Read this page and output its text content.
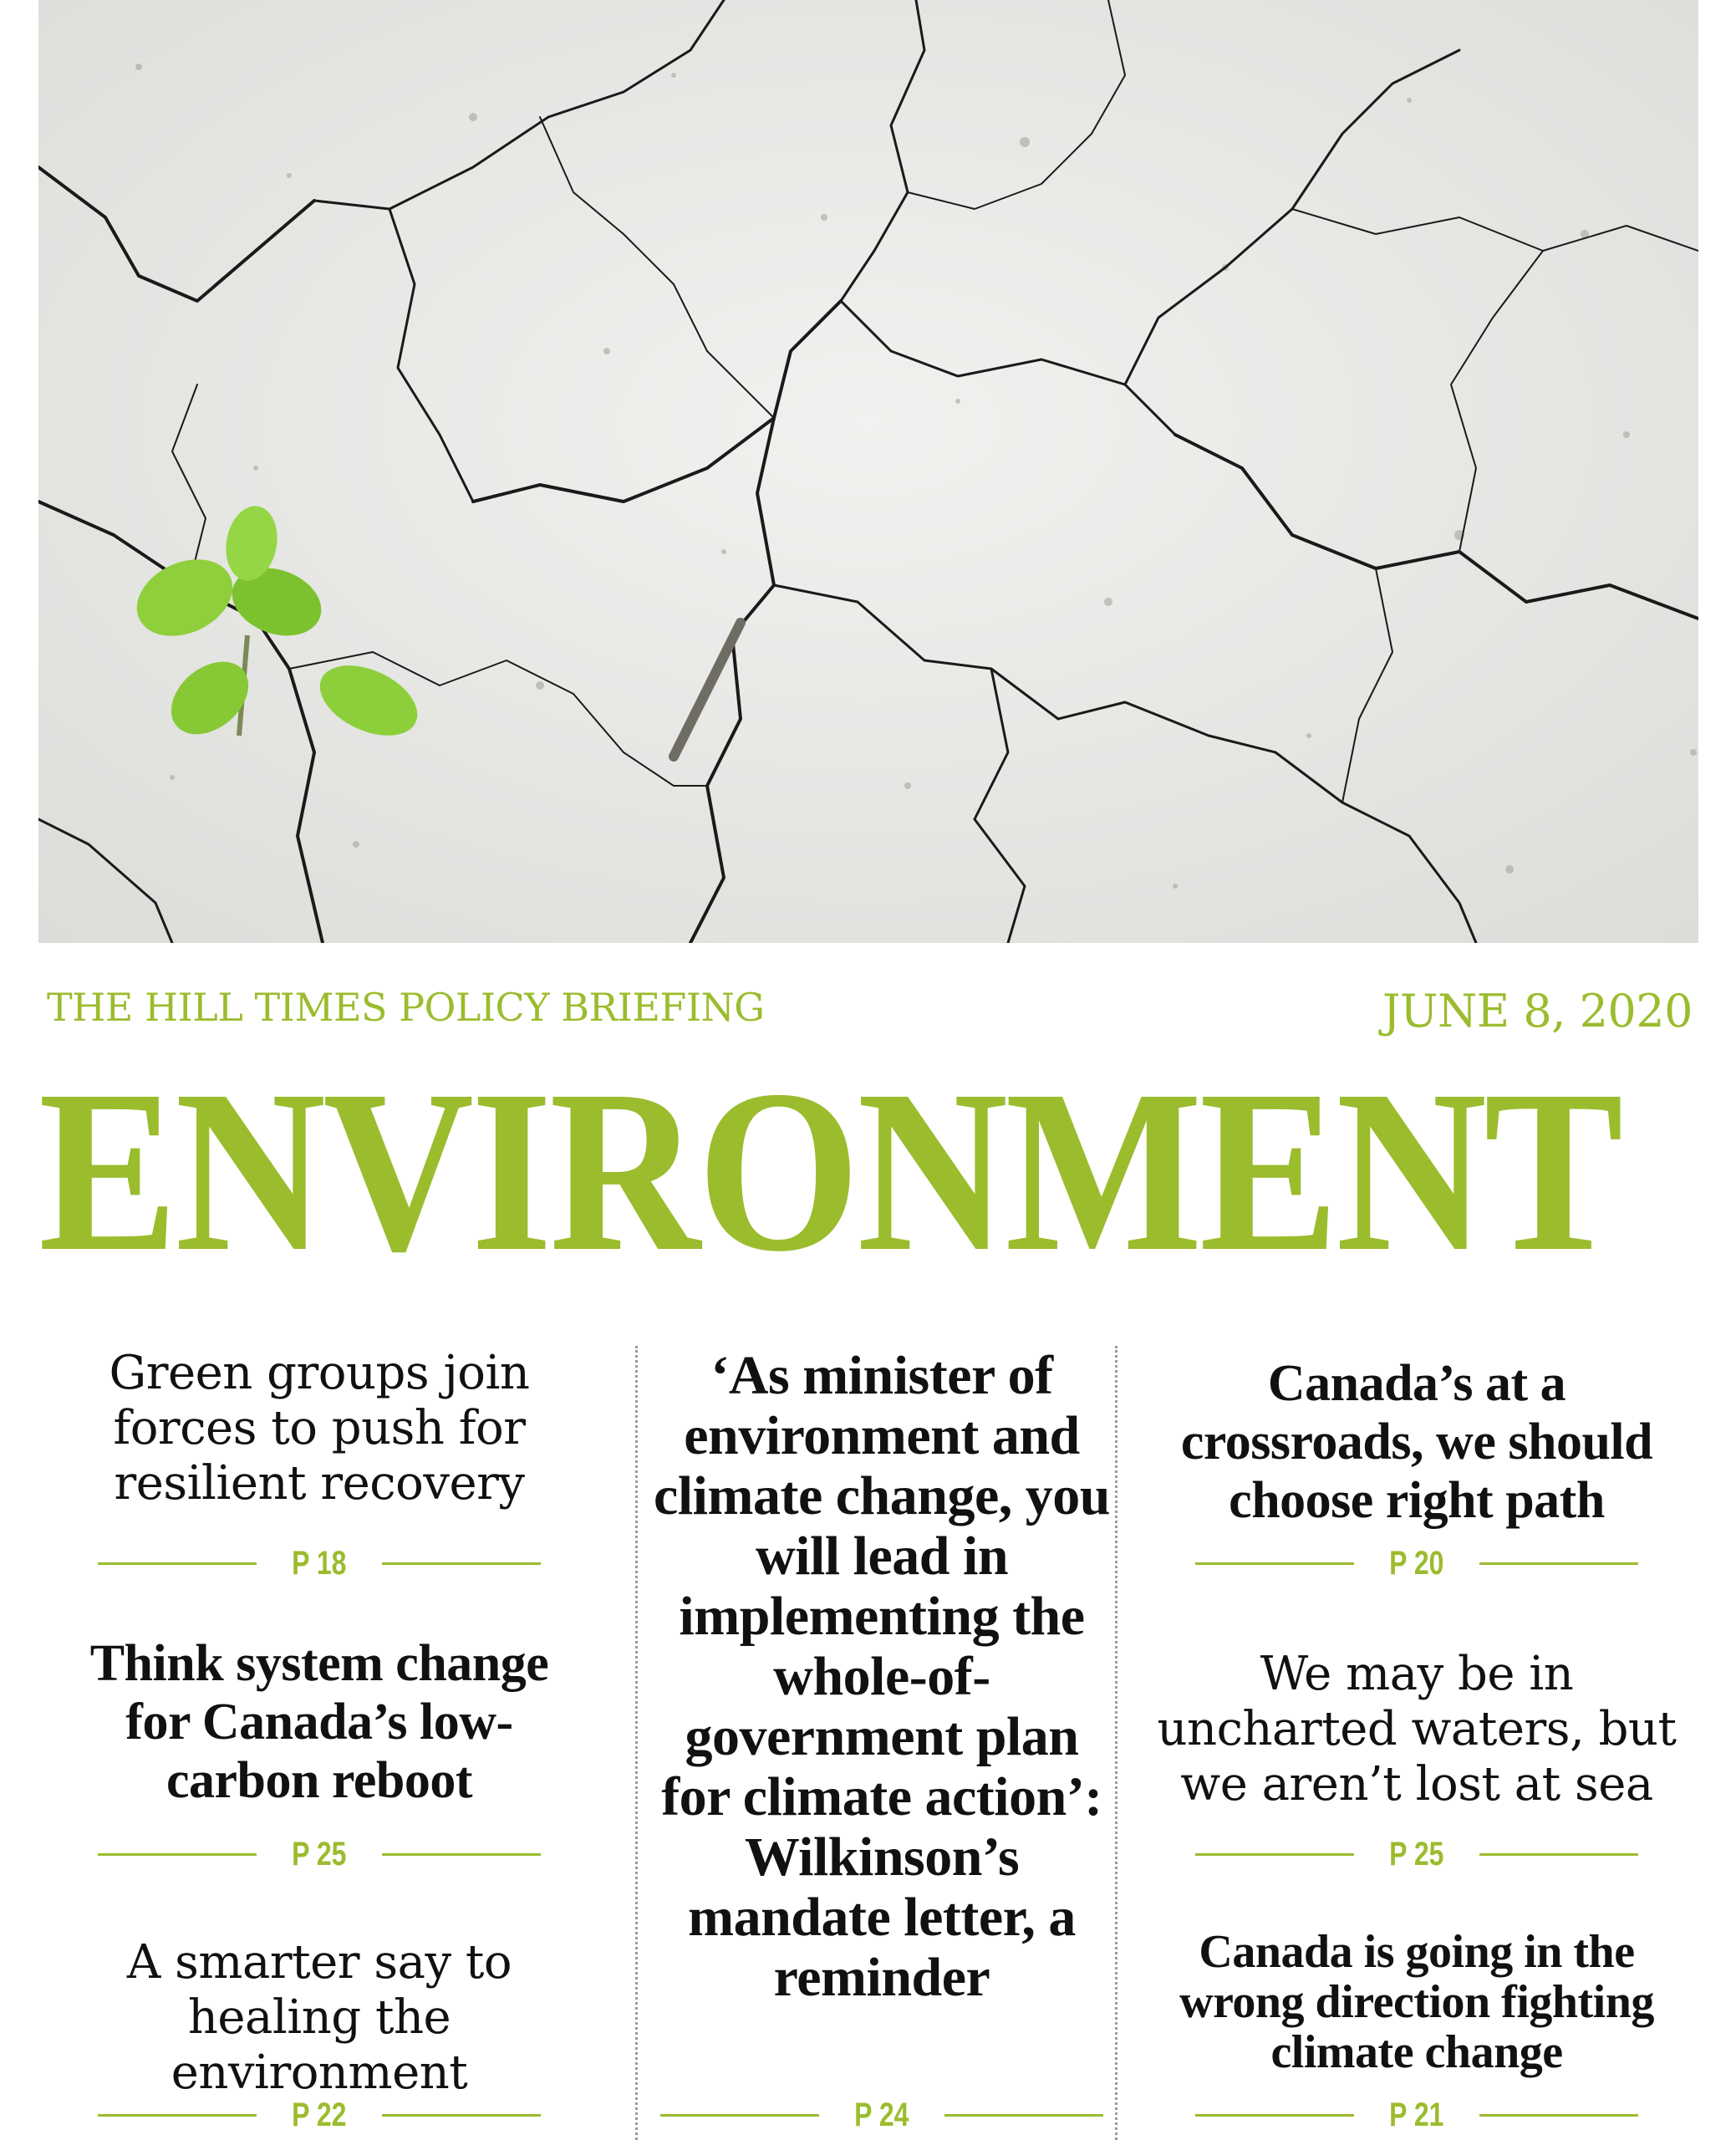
THE HILL TIMES POLICY BRIEFING	JUNE 8, 2020
ENVIRONMENT
Green groups join forces to push for resilient recovery
P 18
Think system change for Canada’s low-carbon reboot
P 25
A smarter say to healing the environment
P 22
‘As minister of environment and climate change, you will lead in implementing the whole-of-government plan for climate action’: Wilkinson’s mandate letter, a reminder
P 24
Canada’s at a crossroads, we should choose right path
P 20
We may be in uncharted waters, but we aren’t lost at sea
P 25
Canada is going in the wrong direction fighting climate change
P 21
